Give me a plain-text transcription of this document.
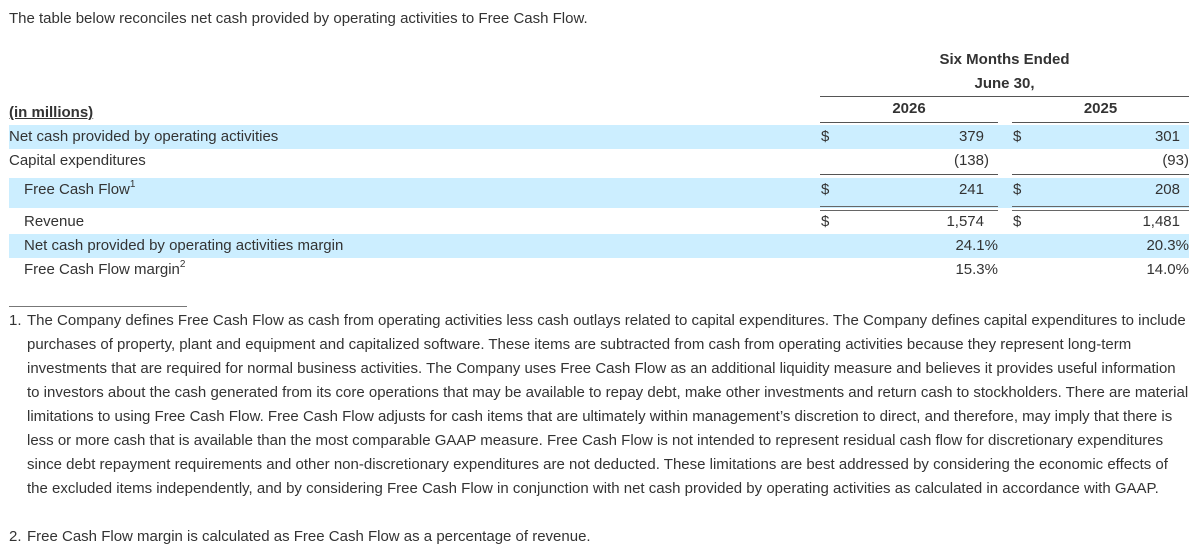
The table below reconciles net cash provided by operating activities to Free Cash Flow.
Six Months Ended
June 30,
2026	2025
(in millions)
Net cash provided by operating activities	$	379 $	301
Capital expenditures	(138)	(93)
Free Cash Flow$^1$	$	241 $	208
Revenue	$	1,574 $	1,481
Net cash provided by operating activities margin	24.1%	20.3%
Free Cash Flow margin$^2$	15.3%	14.0%
1. The Company defines Free Cash Flow as cash from operating activities less cash outlays related to capital expenditures. The Company defines capital expenditures to include purchases of property, plant and equipment and capitalized software. These items are subtracted from cash from operating activities because they represent long-term investments that are required for normal business activities. The Company uses Free Cash Flow as an additional liquidity measure and believes it provides useful information to investors about the cash generated from its core operations that may be available to repay debt, make other investments and return cash to stockholders. There are material limitations to using Free Cash Flow. Free Cash Flow adjusts for cash items that are ultimately within management’s discretion to direct, and therefore, may imply that there is less or more cash that is available than the most comparable GAAP measure. Free Cash Flow is not intended to represent residual cash flow for discretionary expenditures since debt repayment requirements and other non-discretionary expenditures are not deducted. These limitations are best addressed by considering the economic effects of the excluded items independently, and by considering Free Cash Flow in conjunction with net cash provided by operating activities as calculated in accordance with GAAP.
2. Free Cash Flow margin is calculated as Free Cash Flow as a percentage of revenue.
